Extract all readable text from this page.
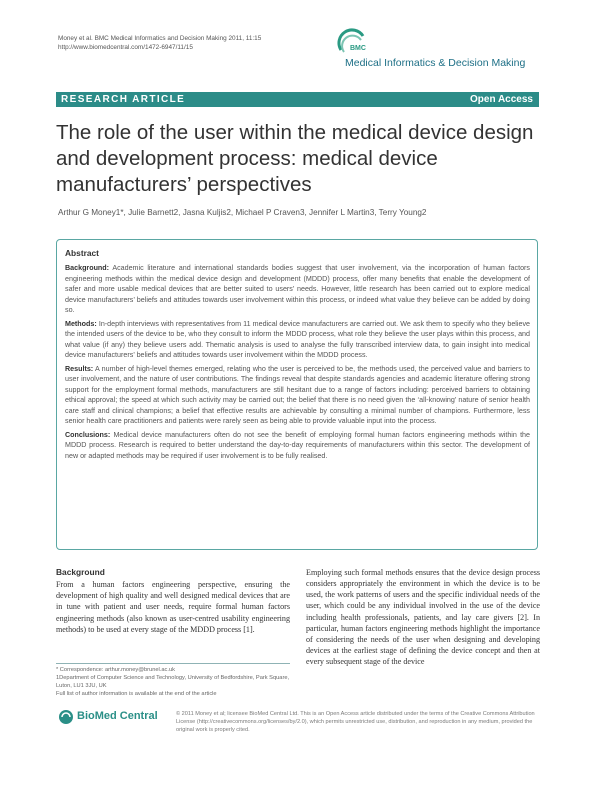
Money et al. BMC Medical Informatics and Decision Making 2011, 11:15
http://www.biomedcentral.com/1472-6947/11/15	BMC
Medical Informatics & Decision Making
RESEARCH ARTICLE	Open Access
The role of the user within the medical device design and development process: medical device manufacturers’ perspectives
Arthur G Money1*, Julie Barnett2, Jasna Kuljis2, Michael P Craven3, Jennifer L Martin3, Terry Young2
Abstract

Background: Academic literature and international standards bodies suggest that user involvement, via the incorporation of human factors engineering methods within the medical device design and development (MDDD) process, offer many benefits that enable the development of safer and more usable medical devices that are better suited to users’ needs. However, little research has been carried out to explore medical device manufacturers’ beliefs and attitudes towards user involvement within this process, or indeed what value they believe can be added by doing so.

Methods: In-depth interviews with representatives from 11 medical device manufacturers are carried out. We ask them to specify who they believe the intended users of the device to be, who they consult to inform the MDDD process, what role they believe the user plays within this process, and what value (if any) they believe users add. Thematic analysis is used to analyse the fully transcribed interview data, to gain insight into medical device manufacturers’ beliefs and attitudes towards user involvement within the MDDD process.

Results: A number of high-level themes emerged, relating who the user is perceived to be, the methods used, the perceived value and barriers to user involvement, and the nature of user contributions. The findings reveal that despite standards agencies and academic literature offering strong support for the employment formal methods, manufacturers are still hesitant due to a range of factors including: perceived barriers to obtaining ethical approval; the speed at which such activity may be carried out; the belief that there is no need given the ‘all-knowing’ nature of senior health care staff and clinical champions; a belief that effective results are achievable by consulting a minimal number of champions. Furthermore, less senior health care practitioners and patients were rarely seen as being able to provide valuable input into the process.

Conclusions: Medical device manufacturers often do not see the benefit of employing formal human factors engineering methods within the MDDD process. Research is required to better understand the day-to-day requirements of manufacturers within this sector. The development of new or adapted methods may be required if user involvement is to be fully realised.

Background
From a human factors engineering perspective, ensuring the development of high quality and well designed medical devices that are in tune with patient and user needs, require formal human factors engineering methods (also known as user-centred usability engineering methods) to be used at every stage of the MDDD process [1].
Employing such formal methods ensures that the device design process considers appropriately the environment in which the device is to be used, the work patterns of users and the specific individual needs of the user, which could be any individual involved in the use of the device including health professionals, patients, and lay care givers [2]. In particular, human factors engineering methods highlight the importance of considering the needs of the user when designing and developing devices at the earliest stage of defining the device concept and then at every subsequent stage of the device
* Correspondence: arthur.money@brunel.ac.uk
1Department of Computer Science and Technology, University of Bedfordshire, Park Square, Luton, LU1 3JU, UK
Full list of author information is available at the end of the article
BioMed Central	© 2011 Money et al; licensee BioMed Central Ltd. This is an Open Access article distributed under the terms of the Creative Commons Attribution License (http://creativecommons.org/licenses/by/2.0), which permits unrestricted use, distribution, and reproduction in any medium, provided the original work is properly cited.
